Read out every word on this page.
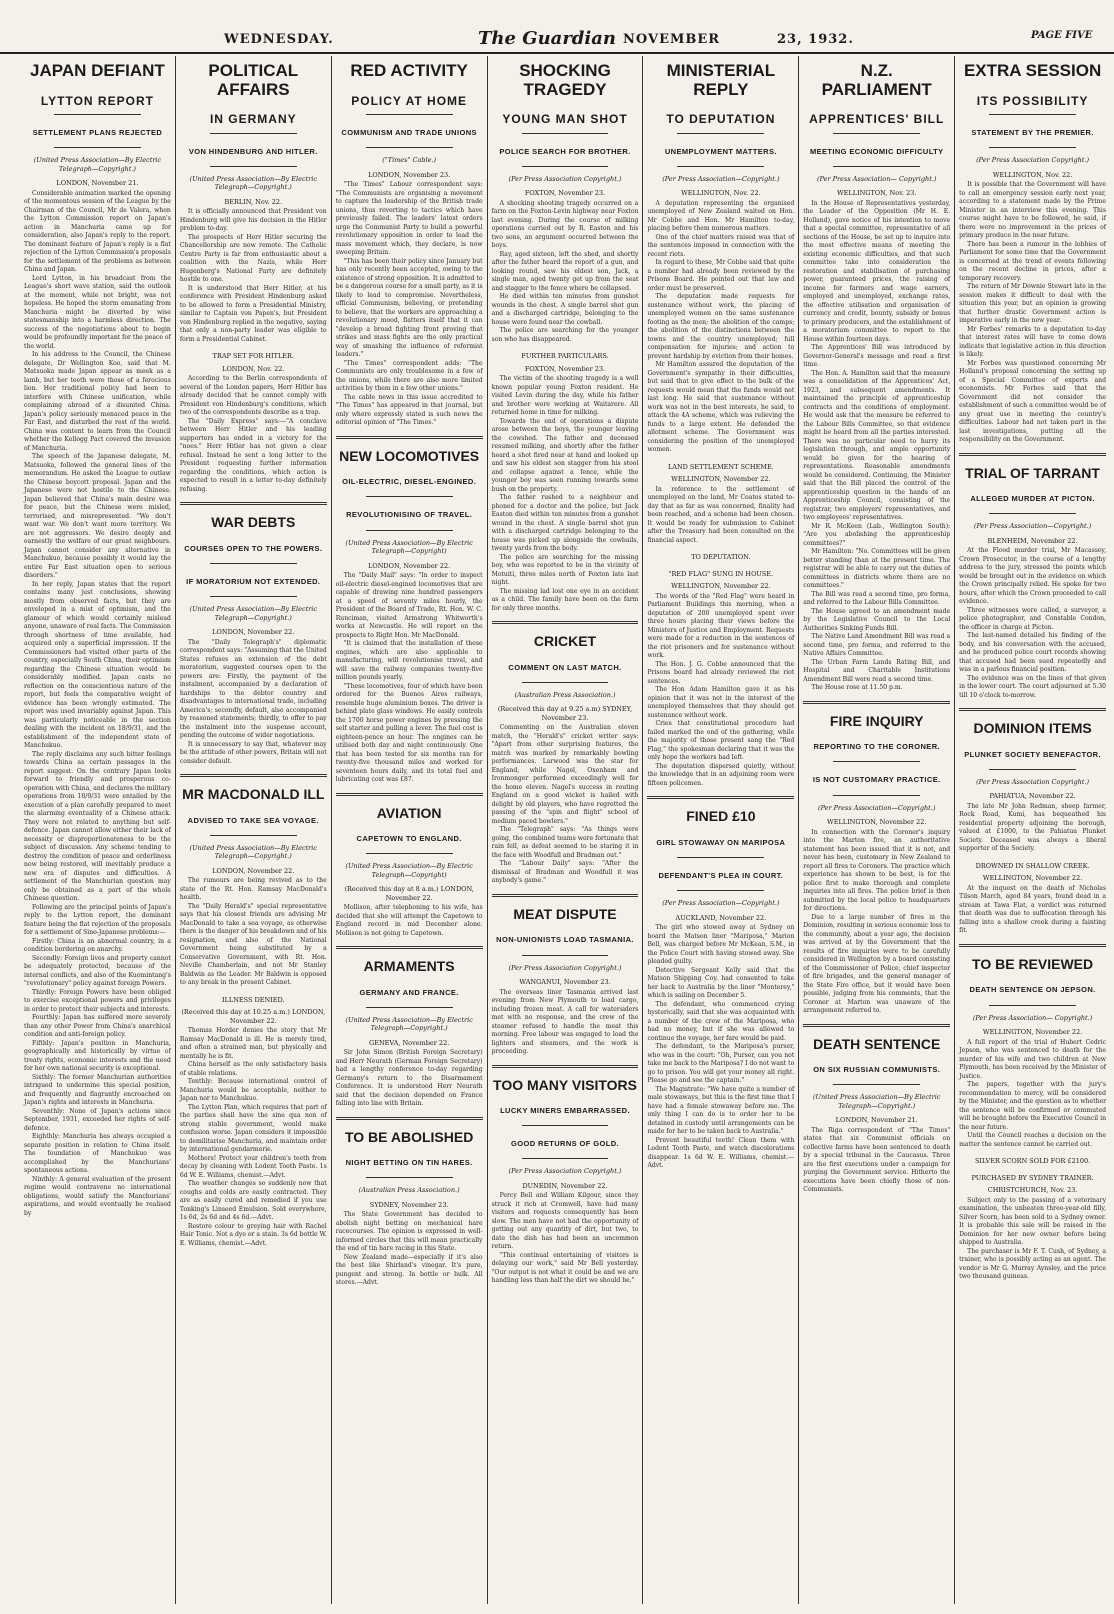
WEDNESDAY.	The Guardian NOVEMBER	23, 1932.	PAGE FIVE
JAPAN DEFIANT
LYTTON REPORT
SETTLEMENT PLANS REJECTED
(United Press Association—By Electric Telegraph—Copyright.)
LONDON, November 21.

Considerable animation marked the opening of the momentous session of the League by the Chairman of the Council, Mr de Valera, when the Lytton Commission report on Japan's action in Manchuria came up for consideration, also Japan's reply to the report. The dominant feature of Japan's reply is a flat rejection of the Lytton Commission's proposals for the settlement of the problems as between China and Japan.

Lord Lytton, in his broadcast from the League's short wave station, said the outlook at the moment, while not bright, was not hopeless. He hoped the storm emanating from Manchuria might be diverted by wise statesmanship into a harmless direction. The success of the negotiations about to begin would be profoundly important for the peace of the world.

In his address to the Council, the Chinese delegate, Dr Wellington Koo, said that M. Matsuoka made Japan appear as meek as a lamb, but her teeth were those of a ferocious lion. Her traditional policy had been to interfere with Chinese unification, while complaining abroad of a disunited China. Japan's policy seriously menaced peace in the Far East, and disturbed the rest of the world. China was content to learn from the Council whether the Kellogg Pact covered the invasion of Manchuria.

The speech of the Japanese delegate, M. Matsuoka, followed the general lines of the memorandum. He asked the League to outlaw the Chinese boycott proposal. Japan and the Japanese were not hostile to the Chinese. Japan believed that China's main desire was for peace, but the Chinese were misled, terrorised, and misrepresented. "We don't want war. We don't want more territory. We are not aggressors. We desire deeply and earnestly the welfare of our great neighbours. Japan cannot consider any alternative in Manchukuo, because possibly it would lay the entire Far East situation open to serious disorders."

In her reply, Japan states that the report contains many just conclusions, showing mostly from observed facts, but they are enveloped in a mist of optimism, and the glamour of which would certainly mislead anyone, unaware of real facts. The Commission through shortness of time available, had acquired only a superficial impression. If the Commissioners had visited other parts of the country, especially South China, their optimism regarding the Chinese situation would be considerably modified. Japan casts no reflection on the conscientious nature of the report, but feels the comparative weight of evidence has been wrongly estimated. The report was used invariably against Japan. This was particularly noticeable in the section dealing with the incident on 18/9/31, and the establishment of the independent state of Manchukuo.

The reply disclaims any such bitter feelings towards China as certain passages in the report suggest. On the contrary Japan looks forward to friendly and prosperous co-operation with China, and declares the military operations from 18/9/31 were entailed by the execution of a plan carefully prepared to meet the alarming eventuality of a Chinese attack. They were not related to anything but self-defence. Japan cannot allow either their lack of necessity or disproportionateness to be the subject of discussion. Any scheme tending to destroy the condition of peace and orderliness now being restored, will inevitably produce a new era of disputes and difficulties. A settlement of the Manchurian question may only be obtained as a part of the whole Chinese question.

Following are the principal points of Japan's reply to the Lytton report, the dominant feature being the flat rejection of the proposals for a settlement of Sino-Japanese problems:—

Firstly: China is an abnormal country, in a condition bordering on anarchy.

Secondly: Foreign lives and property cannot be adequately protected, because of the internal conflicts, and also of the Kuomintang's "revolutionary" policy against foreign Powers.

Thirdly: Foreign Powers have been obliged to exercise exceptional powers and privileges in order to protect their subjects and interests.

Fourthly: Japan has suffered more severely than any other Power from China's anarchical condition and anti-foreign policy.

Fifthly: Japan's position in Manchuria, geographically and historically by virtue of treaty rights, economic interests and the need for her own national security is exceptional.

Sixthly: The former Manchurian authorities intrigued to undermine this special position, and frequently and flagrantly encroached on Japan's rights and interests in Manchuria.

Seventhly: None of Japan's actions since September, 1931, exceeded her rights of self-defence.

Eighthly: Manchuria has always occupied a separate position in relation to China itself. The foundation of Manchukuo was accomplished by the Manchurians' spontaneous actions.

Ninthly: A general evaluation of the present regime would contravene no international obligations, would satisfy the Manchurians' aspirations, and would eventually be realised by

POLITICAL AFFAIRS
IN GERMANY
VON HINDENBURG AND HITLER.
(United Press Association—By Electric Telegraph—Copyright.)
BERLIN, Nov. 22.

It is officially announced that President von Hindenburg will give his decision in the Hitler problem to-day.

The prospects of Herr Hitler securing the Chancellorship are now remote. The Catholic Centre Party is far from enthusiastic about a coalition with the Nazis, while Herr Hugenberg's National Party are definitely hostile to one.

It is understood that Herr Hitler, at his conference with President Hindenburg asked to be allowed to form a Presidential Ministry, similar to Captain von Papen's, but President von Hindenburg replied in the negative, saying that only a non-party leader was eligible to form a Presidential Cabinet.

TRAP SET FOR HITLER.
LONDON, Nov. 22.

According to the Berlin correspondents of several of the London papers, Herr Hitler has already decided that he cannot comply with President von Hindenburg's conditions, which two of the correspondents describe as a trap.

The "Daily Express" says:—"A conclave between Herr Hitler and his leading supporters has ended in a victory for the "noes." Herr Hitler has not given a clear refusal. Instead he sent a long letter to the President requesting further information regarding the conditions, which action is expected to result in a letter to-day definitely refusing.

WAR DEBTS
COURSES OPEN TO THE POWERS.
IF MORATORIUM NOT EXTENDED.
(United Press Association—By Electric Telegraph—Copyright.)
LONDON, November 22.

The "Daily Telegraph's" diplomatic correspondent says: "Assuming that the United States refuses an extension of the debt moratorium, suggested courses open to the powers are: Firstly, the payment of the instalment, accompanied by a declaration of hardships to the debtor country and disadvantages to international trade, including America's; secondly, default, also accompanied by reasoned statements; thirdly, to offer to pay the instalment into the suspense account, pending the outcome of wider negotiations.

It is unnecessary to say that, whatever may be the attitude of other powers, Britain will not consider default.

MR MACDONALD ILL
ADVISED TO TAKE SEA VOYAGE.
(United Press Association—By Electric Telegraph—Copyright.)
LONDON, November 22.

The rumours are being revived as to the state of the Rt. Hon. Ramsay MacDonald's health.

The "Daily Herald's" special representative says that his closest friends are advising Mr MacDonald to take a sea voyage, as otherwise there is the danger of his breakdown and of his resignation, and also of the National Government being substituted by a Conservative Government, with Rt. Hon. Neville Chamberlain, and not Mr Stanley Baldwin as the Leader. Mr Baldwin is opposed to any break in the present Cabinet.

ILLNESS DENIED.
(Received this day at 10.25 a.m.) LONDON, November 22.

Thomas Horder denies the story that Mr Ramsay MacDonald is ill. He is merely tired, and often a strained man, but physically and mentally he is fit.

China herself as the only satisfactory basis of stable relations.

Tenthly: Because international control of Manchuria would be acceptable, neither to Japan nor to Manchukuo.

The Lytton Plan, which requires that part of the parties shall have the sine qua non of strong stable government, would make confusion worse. Japan considers it impossible to demilitarise Manchuria, and maintain order by international gendarmerie.

Mothers! Protect your children's teeth from decay by cleaning with Lodent Tooth Paste. 1s 6d W. E. Williams, chemist.—Advt.

The weather changes so suddenly now that coughs and colds are easily contracted. They are as easily cured and remedied if you use Tonking's Linseed Emulsion. Sold everywhere, 1s 6d, 2s 6d and 4s 6d.—Advt.

Restore colour to greying hair with Rachel Hair Tonic. Not a dye or a stain. 3s 6d bottle W. E. Williams, chemist.—Advt.

RED ACTIVITY
POLICY AT HOME
COMMUNISM AND TRADE UNIONS
("Times" Cable.)
LONDON, November 23.

"The Times" Labour correspondent says: "The Communists are organising a movement to capture the leadership of the British trade unions, thus reverting to tactics which have previously failed. The leaders' latest orders urge the Communist Party to build a powerful revolutionary opposition in order to lead the mass movement which, they declare, is now sweeping Britain.

"This has been their policy since January but has only recently been accepted, owing to the existence of strong opposition. It is admitted to be a dangerous course for a small party, as it is likely to lead to compromise. Nevertheless, official Communism, believing, or pretending to believe, that the workers are approaching a revolutionary mood, flatters itself that it can "develop a broad fighting front proving that strikes and mass fights are the only practical way of smashing the influence of reformist leaders."

"The Times" correspondent adds: "The Communists are only troublesome in a few of the unions, while there are also more limited activities by them in a few other unions."

The cable news in this issue accredited to "The Times" has appeared in that journal, but only where expressly stated is such news the editorial opinion of "The Times."

NEW LOCOMOTIVES
OIL-ELECTRIC, DIESEL-ENGINED.
REVOLUTIONISING OF TRAVEL.
(United Press Association—By Electric Telegraph—Copyright)
LONDON, November 22.

The "Daily Mail" says: "In order to inspect oil-electric diesel-engined locomotives that are capable of drawing nine hundred passengers at a speed of seventy miles hourly, the President of the Board of Trade, Rt. Hon. W. C. Runciman, visited Armstrong Whitworth's works at Newcastle. He will report on the prospects to Right Hon. Mr MacDonald.

"It is claimed that the installation of these engines, which are also applicable to manufacturing, will revolutionise travel, and will save the railway companies twenty-five million pounds yearly.

"These locomotives, four of which have been ordered for the Buenos Aires railways, resemble huge aluminium boxes. The driver is behind plate glass windows. He easily controls the 1700 horse power engines by pressing the self starter and pulling a lever. The fuel cost is eighteen-pence an hour. The engines can be utilised both day and night continuously. One that has been tested for six months ran for twenty-five thousand miles and worked for seventeen hours daily, and its total fuel and lubricating cost was £87.

AVIATION
CAPETOWN TO ENGLAND.
(United Press Association—By Electric Telegraph—Copyright)
(Received this day at 8 a.m.) LONDON, November 22.

Mollison, after telephoning to his wife, has decided that she will attempt the Capetown to England record in mid December alone. Mollison is not going to Capetown.

ARMAMENTS
GERMANY AND FRANCE.
(United Press Association—By Electric Telegraph—Copyright.)
GENEVA, November 22.

Sir John Simon (British Foreign Secretary) and Herr Neurath (German Foreign Secretary) had a lengthy conference to-day regarding Germany's return to the Disarmament Conference. It is understood Herr Neurath said that the decision depended on France falling into line with Britain.

TO BE ABOLISHED
NIGHT BETTING ON TIN HARES.
(Australian Press Association.)
SYDNEY, November 23.

The State Government has decided to abolish night betting on mechanical hare racecourses. The opinion is expressed in well-informed circles that this will mean practically the end of tin hare racing in this State.

New Zealand made—especially if it's also the best like Shirland's vinegar. It's pure, pungent and strong. In bottle or bulk. All stores.—Advt.

SHOCKING TRAGEDY
YOUNG MAN SHOT
POLICE SEARCH FOR BROTHER.
(Per Press Association Copyright.)
FOXTON, November 23.

A shocking shooting tragedy occurred on a farm on the Foxton-Levin highway near Foxton last evening. During the course of milking operations carried out by R. Easton and his two sons, an argument occurred between the boys.

Ray, aged sixteen, left the shed, and shortly after the father heard the report of a gun, and looking round, saw his eldest son, Jack, a single man, aged twenty get up from the seat and stagger to the fence where he collapsed.

He died within ten minutes from gunshot wounds in the chest. A single barrel shot gun and a discharged cartridge, belonging to the house were found near the cowball.

The police are searching for the younger son who has disappeared.

FURTHER PARTICULARS.
FOXTON, November 23.

The victim of the shooting tragedy is a well known popular young Foxton resident. He visited Levin during the day, while his father and brother were working at Waitarere. All returned home in time for milking.

Towards the end of operations a dispute arose between the boys, the younger leaving the cowshed. The father and deceased resumed milking, and shortly after the father heard a shot fired near at hand and looked up and saw his eldest son stagger from his stool and collapse against a fence, while the younger boy was seen running towards some bush on the property.

The father rushed to a neighbour and phoned for a doctor and the police, but Jack Easton died within ten minutes from a gunshot wound in the chest. A single barrel shot gun with a discharged cartridge belonging to the house was picked up alongside the cowbails, twenty yards from the body.

The police are searching for the missing boy, who was reported to be in the vicinity of Motuiti, three miles north of Foxton late last night.

The missing lad lost one eye in an accident as a child. The family have been on the farm for only three months.

CRICKET
COMMENT ON LAST MATCH.
(Australian Press Association.)
(Received this day at 9.25 a.m) SYDNEY, November 23.

Commenting on the Australian eleven match, the "Herald's" cricket writer says: "Apart from other surprising features, the match was marked by remarkably bowling performances. Larwood was the star for England, while Nagel, Oxenham and Ironmonger performed exceedingly well for the home eleven. Nagel's success in routing England on a good wicket is hailed with delight by old players, who have regretted the passing of the "spin and flight" school of medium paced bowlers."

The "Telegraph" says: "As things were going, the combined teams were fortunate that rain fell, as defeat seemed to be staring it in the face with Woodfull and Bradman out."

The "Labour Daily" says: "After the dismissal of Bradman and Woodfull it was anybody's game."

MEAT DISPUTE
NON-UNIONISTS LOAD TASMANIA.
(Per Press Association Copyright.)
WANGANUI, November 23.

The overseas liner Tasmania arrived last evening from New Plymouth to load cargo, including frozen meat. A call for watersiders met with no response, and the crew of the steamer refused to handle the meat this morning. Free labour was engaged to load the lighters and steamers, and the work is proceeding.

TOO MANY VISITORS
LUCKY MINERS EMBARRASSED.
GOOD RETURNS OF GOLD.
(Per Press Association Copyright.)
DUNEDIN, November 22.

Percy Bell and William Kilgour, since they struck it rich at Cromwell, have had many visitors and requests consequently has been slow. The men have not had the opportunity of getting out any quantity of dirt, but two, to date the dish has had been an uncommon return.

"This continual entertaining of visitors is delaying our work," said Mr Bell yesterday. "Our output is not what it could be and we are handling less than half the dirt we should be."

MINISTERIAL REPLY
TO DEPUTATION
UNEMPLOYMENT MATTERS.
(Per Press Association—Copyright.)
WELLINGTON, Nov. 22.

A deputation representing the organised unemployed of New Zealand waited on Hon. Mr Cobbe and Hon. Mr Hamilton to-day, placing before them numerous matters.

One of the chief matters raised was that of the sentences imposed in connection with the recent riots.

In regard to these, Mr Cobbe said that quite a number had already been reviewed by the Prisons Board. He pointed out that law and order must be preserved.

The deputation made requests for sustenance without work, the placing of unemployed women on the same sustenance footing as the men; the abolition of the camps; the abolition of the distinctions between the towns and the country unemployed; full compensation for injuries; and action to prevent hardship by eviction from their homes.

Mr Hamilton assured the deputation of the Government's sympathy in their difficulties, but said that to give effect to the bulk of the requests would mean that the funds would not last long. He said that sustenance without work was not in the best interests, he said, to attack the 4A scheme, which was relieving the funds to a large extent. He defended the allotment scheme. The Government was considering the position of the unemployed women.

LAND SETTLEMENT SCHEME.
WELLINGTON, November 22.

In reference to the settlement of unemployed on the land, Mr Coates stated to-day that as far as was concerned, finality had been reached, and a scheme had been chosen. It would be ready for submission to Cabinet after the Treasury had been consulted on the financial aspect.

TO DEPUTATION.
"RED FLAG" SUNG IN HOUSE.
WELLINGTON, November 22.

The words of the "Red Flag" were heard in Parliament Buildings this morning, when a deputation of 200 unemployed spent over three hours placing their views before the Ministers of Justice and Employment. Requests were made for a reduction in the sentences of the riot prisoners and for sustenance without work.

The Hon. J. G. Cobbe announced that the Prisons board had already reviewed the riot sentences.

The Hon Adam Hamilton gave it as his opinion that it was not in the interest of the unemployed themselves that they should get sustenance without work.

Cries that constitutional procedure had failed marked the end of the gathering, while the majority of those present sang the "Red Flag," the spokesman declaring that it was the only hope the workers had left.

The deputation dispersed quietly, without the knowledge that in an adjoining room were fifteen policemen.

FINED £10
GIRL STOWAWAY ON MARIPOSA
DEFENDANT'S PLEA IN COURT.
(Per Press Association—Copyright.)
AUCKLAND, November 22.

The girl who stowed away at Sydney on board the Matson liner "Mariposa," Marion Bell, was charged before Mr McKean, S.M., in the Police Court with having stowed away. She pleaded guilty.

Detective Sergeant Kelly said that the Matson Shipping Coy. had consented to take her back to Australia by the liner "Monterey," which is sailing on December 5.

The defendant, who commenced crying hysterically, said that she was acquainted with a number of the crew of the Mariposa, who had no money, but if she was allowed to continue the voyage, her fare would be paid.

The defendant, to the Mariposa's purser, who was in the court: "Oh, Purser, can you not take me back to the Mariposa? I do not want to go to prison. You will get your money all right. Please go and see the captain."

The Magistrate: "We have quite a number of male stowaways, but this is the first time that I have had a female stowaway before me. The only thing I can do is to order her to be detained in custody until arrangements can be made for her to be taken back to Australia."

Prevent beautiful teeth! Clean them with Lodent Tooth Paste, and watch discolorations disappear. 1s 6d W. E. Williams, chemist.—Advt.

N.Z. PARLIAMENT
APPRENTICES' BILL
MEETING ECONOMIC DIFFICULTY
(Per Press Association— Copyright.)
WELLINGTON, Nov. 23.

In the House of Representatives yesterday, the Leader of the Opposition (Mr H. E. Holland), gave notice of his intention to move that a special committee, representative of all sections of the House, be set up to inquire into the most effective means of meeting the existing economic difficulties, and that such committee take into consideration the restoration and stabilisation of purchasing power, guaranteed prices, the raising of income for farmers and wage earners, employed and unemployed, exchange rates, the effective utilisation and organisation of currency and credit, bounty, subsidy or bonus to primary producers, and the establishment of a moratorium committee to report to the House within fourteen days.

The Apprentices' Bill was introduced by Governor-General's message and read a first time.

The Hon. A. Hamilton said that the measure was a consolidation of the Apprentices' Act, 1923, and subsequent amendments. It maintained the principle of apprenticeship contracts and the conditions of employment. He would ask that the measure be referred to the Labour Bills Committee, so that evidence might be heard from all the parties interested. There was no particular need to hurry its legislation through, and ample opportunity would be given for the hearing of representations. Reasonable amendments would be considered. Continuing, the Minister said that the Bill placed the control of the apprenticeship question in the hands of an Apprenticeship Council, consisting of the registrar, two employers' representatives, and two employees' representatives.

Mr R. McKeen (Lab., Wellington South): "Are you abolishing the apprenticeship committees?"

Mr Hamilton: "No. Committees will be given better standing than at the present time. The registrar will be able to carry out the duties of committees in districts where there are no committees."

The Bill was read a second time, pro forma, and referred to the Labour Bills Committee.

The House agreed to an amendment made by the Legislative Council to the Local Authorities Sinking Funds Bill.

The Native Land Amendment Bill was read a second time, pro forma, and referred to the Native Affairs Committee.

The Urban Farm Lands Rating Bill, and Hospital and Charitable Institutions Amendment Bill were read a second time.

The House rose at 11.50 p.m.

FIRE INQUIRY
REPORTING TO THE CORONER.
IS NOT CUSTOMARY PRACTICE.
(Per Press Association—Copyright.)
WELLINGTON, November 22.

In connection with the Coroner's inquiry into the Marton fire, an authoritative statement has been issued that it is not, and never has been, customary in New Zealand to report all fires to Coroners. The practice which experience has shown to be best, is for the police first to make thorough and complete inquiries into all fires. The police brief is then submitted by the local police to headquarters for directions.

Due to a large number of fires in the Dominion, resulting in serious economic loss to the community, about a year ago, the decision was arrived at by the Government that the results of fire inquiries were to be carefully considered in Wellington by a board consisting of the Commissioner of Police, chief inspector of fire brigades, and the general manager of the State Fire office, but it would have been possible, judging from his comments, that the Coroner at Marton was unaware of the arrangement referred to.

DEATH SENTENCE
ON SIX RUSSIAN COMMUNISTS.
(United Press Association—By Electric Telegraph—Copyright.)
LONDON, November 21.

The Riga correspondent of "The Times" states that six Communist officials on collective farms have been sentenced to death by a special tribunal in the Caucasus. Three are the first executions under a campaign for purging the Government service. Hitherto the executions have been chiefly those of non-Communists.

EXTRA SESSION
ITS POSSIBILITY
STATEMENT BY THE PREMIER.
(Per Press Association Copyright.)
WELLINGTON, Nov. 22.

It is possible that the Government will have to call an emergency session early next year, according to a statement made by the Prime Minister in an interview this evening. This course might have to be followed, he said, if there were no improvement in the prices of primary produce in the near future.

There has been a rumour in the lobbies of Parliament for some time that the Government is concerned at the trend of events following on the recent decline in prices, after a temporary recovery.

The return of Mr Downie Stewart late in the session makes it difficult to deal with the situation this year, but an opinion is growing that further drastic Government action is imperative early in the new year.

Mr Forbes' remarks to a deputation to-day that interest rates will have to come down indicate that legislative action in this direction is likely.

Mr Forbes was questioned concerning Mr Holland's proposal concerning the setting up of a Special Committee of experts and economists. Mr Forbes said that the Government did not consider the establishment of such a committee would be of any great use in meeting the country's difficulties. Labour had not taken part in the last investigations, putting all the responsibility on the Government.

TRIAL OF TARRANT
ALLEGED MURDER AT PICTON.
(Per Press Association—Copyright.)
BLENHEIM, November 22.

At the Flood murder trial, Mr Macassey, Crown Prosecutor, in the course of a lengthy address to the jury, stressed the points which would be brought out in the evidence on which the Crown principally relied. He spoke for two hours, after which the Crown proceeded to call evidence.

Three witnesses were called, a surveyor, a police photographer, and Constable Condon, the officer in charge at Picton.

The last-named detailed his finding of the body, and his conversation with the accused, and he produced police court records showing that accused had been sued repeatedly and was in a parlous financial position.

The evidence was on the lines of that given in the lower court. The court adjourned at 5.30 till 10 o'clock to-morrow.

DOMINION ITEMS
PLUNKET SOCIETY BENEFACTOR.
(Per Press Association Copyright.)
PAHIATUA, November 22.

The late Mr John Redman, sheep farmer, Rock Road, Kumi, has bequeathed his residential property adjoining the borough, valued at £1000, to the Pahiatua Plunket Society. Deceased was always a liberal supporter of the Society.

DROWNED IN SHALLOW CREEK.
WELLINGTON, November 22.

At the inquest on the death of Nicholas Tilson March, aged 84 years, found dead in a stream at Tawa Flat, a verdict was returned that death was due to suffocation through his falling into a shallow creek during a fainting fit.

TO BE REVIEWED
DEATH SENTENCE ON JEPSON.
(Per Press Association— Copyright.)
WELLINGTON, November 22.

A full report of the trial of Hubert Cedric Jepson, who was sentenced to death for the murder of his wife and two children at New Plymouth, has been received by the Minister of Justice.

The papers, together with the jury's recommendation to mercy, will be considered by the Minister, and the question as to whether the sentence will be confirmed or commuted will be brought before the Executive Council in the near future.

Until the Council reaches a decision on the matter the sentence cannot be carried out.

SILVER SCORN SOLD FOR £2100.
PURCHASED BY SYDNEY TRAINER.
CHRISTCHURCH, Nov. 23.

Subject only to the passing of a veterinary examination, the unbeaten three-year-old filly, Silver Scorn, has been sold to a Sydney owner. It is probable this sale will be raised in the Dominion for her new owner before being shipped to Australia.

The purchaser is Mr F. T. Cush, of Sydney, a trainer, who is possibly acting as an agent. The vendor is Mr G. Murray Aynsley, and the price two thousand guineas.
